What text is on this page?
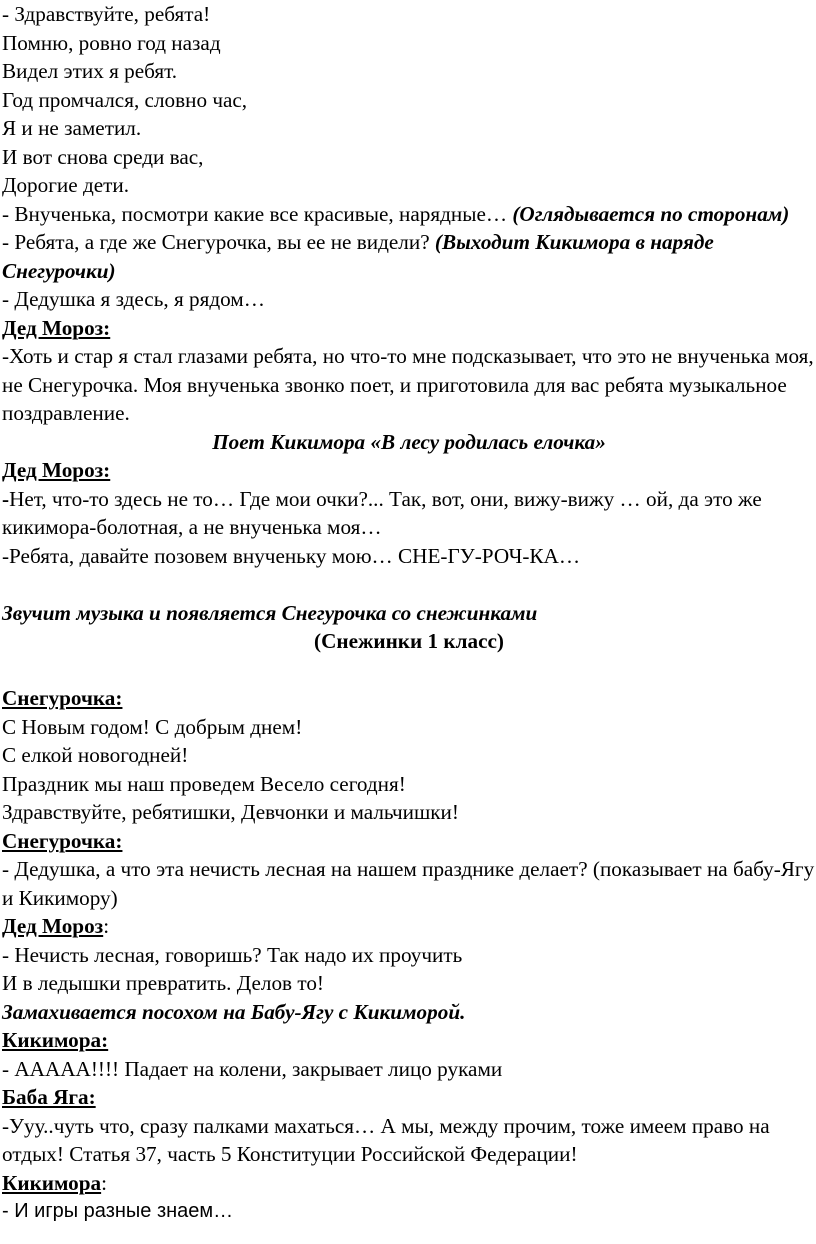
- Здравствуйте, ребята!
Помню, ровно год назад
Видел этих я ребят.
Год промчался, словно час,
Я и не заметил.
И вот снова среди вас,
Дорогие дети.
- Внученька, посмотри какие все красивые, нарядные… (Оглядывается по сторонам)
- Ребята, а где же Снегурочка, вы ее не видели? (Выходит Кикимора в наряде Снегурочки)
- Дедушка я здесь, я рядом…
Дед Мороз:
-Хоть и стар я стал глазами ребята, но что-то мне подсказывает, что это не внученька моя, не Снегурочка. Моя внученька звонко поет, и приготовила для вас ребята музыкальное поздравление.
Поет Кикимора «В лесу родилась елочка»
Дед Мороз:
-Нет, что-то здесь не то… Где мои очки?... Так, вот, они, вижу-вижу … ой, да это же кикимора-болотная, а не внученька моя…
-Ребята, давайте позовем внученьку мою… СНЕ-ГУ-РОЧ-КА…
Звучит музыка и появляется Снегурочка со снежинками
(Снежинки 1 класс)
Снегурочка:
С Новым годом! С добрым днем!
С елкой новогодней!
Праздник мы наш проведем Весело сегодня!
Здравствуйте, ребятишки, Девчонки и мальчишки!
Снегурочка:
- Дедушка, а что эта нечисть лесная на нашем празднике делает? (показывает на бабу-Ягу и Кикимору)
Дед Мороз:
- Нечисть лесная, говоришь? Так надо их проучить
И в ледышки превратить. Делов то!
Замахивается посохом на Бабу-Ягу с Кикиморой.
Кикимора:
- ААААА!!!! Падает на колени, закрывает лицо руками
Баба Яга:
-Ууу..чуть что, сразу палками махаться… А мы, между прочим, тоже имеем право на отдых! Статья 37, часть 5 Конституции Российской Федерации!
Кикимора:
- И игры разные знаем…
